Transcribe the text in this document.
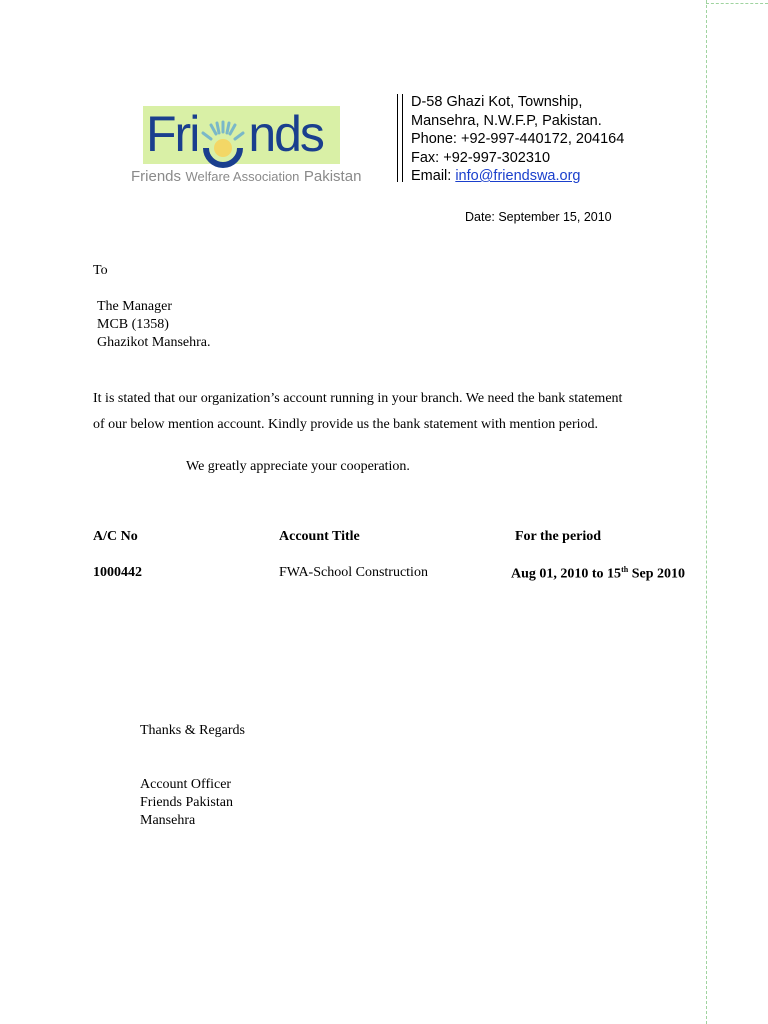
Fri nds
Friends Welfare Association Pakistan
D-58 Ghazi Kot, Township,
Mansehra, N.W.F.P, Pakistan.
Phone: +92-997-440172, 204164
Fax: +92-997-302310
Email: info@friendswa.org
Date: September 15, 2010
To
The Manager
MCB (1358)
Ghazikot Mansehra.
It is stated that our organization’s account running in your branch. We need the bank statement
of our below mention account. Kindly provide us the bank statement with mention period.
We greatly appreciate your cooperation.
A/C No	Account Title	For the period
1000442	FWA-School Construction	Aug 01, 2010 to 15th Sep 2010
Thanks & Regards
Account Officer
Friends Pakistan
Mansehra
